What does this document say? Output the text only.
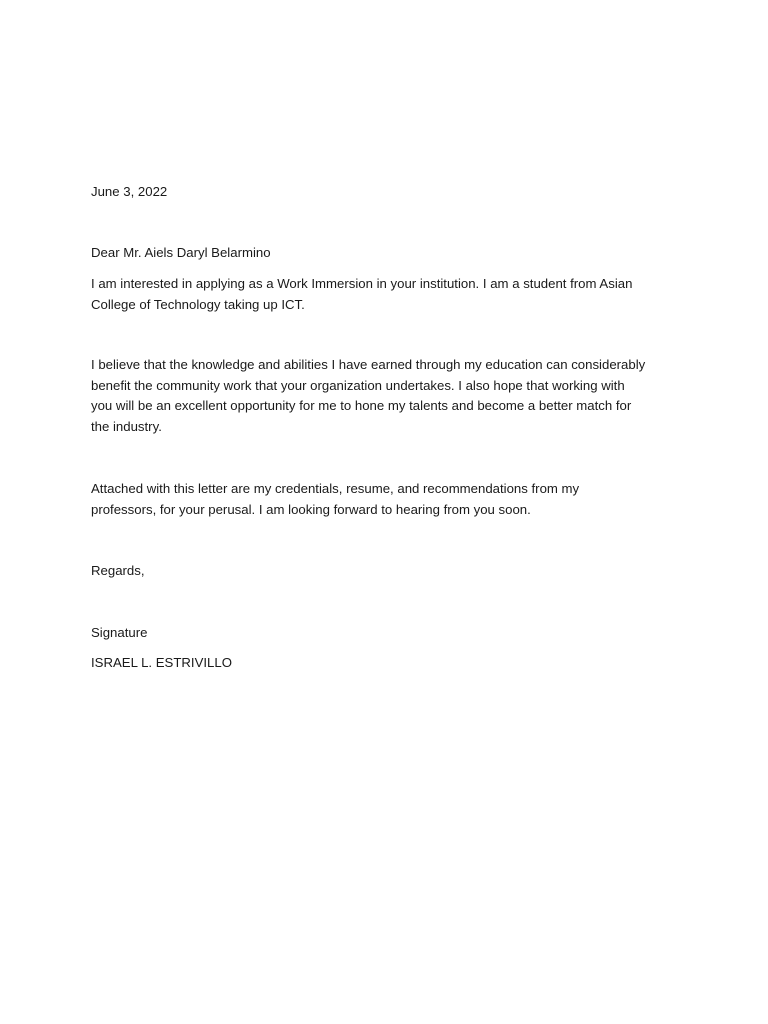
June 3, 2022
Dear Mr. Aiels Daryl Belarmino
I am interested in applying as a Work Immersion in your institution. I am a student from Asian
College of Technology taking up ICT.
I believe that the knowledge and abilities I have earned through my education can considerably
benefit the community work that your organization undertakes. I also hope that working with
you will be an excellent opportunity for me to hone my talents and become a better match for
the industry.
Attached with this letter are my credentials, resume, and recommendations from my
professors, for your perusal. I am looking forward to hearing from you soon.
Regards,
Signature
ISRAEL L. ESTRIVILLO
